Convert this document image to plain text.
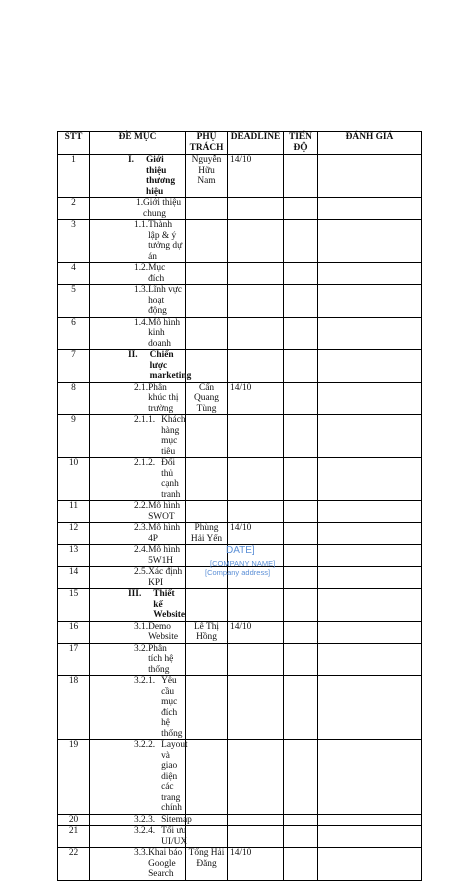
STT	ĐỀ MỤC	PHỤ TRÁCH	DEADLINE	TIẾN ĐỘ	ĐÁNH GIÁ
1	I. Giới thiệu thương hiệu	Nguyễn Hữu Nam	14/10		
2	1. Giới thiệu chung				

3	1.1. Thành lập & ý tưởng dự án				

4	1.2. Mục đích				

5	1.3. Lĩnh vực hoạt động				

6	1.4. Mô hình kinh doanh				

7	II. Chiến lược marketing				

8	2.1. Phân khúc thị trường	Cấn Quang Tùng	14/10		
9	2.1.1. Khách hàng mục tiêu				

10	2.1.2. Đối thủ cạnh tranh				

11	2.2. Mô hình SWOT				

12	2.3. Mô hình 4P	Phùng Hải Yến	14/10		
13	2.4. Mô hình 5W1H				

14	2.5. Xác định KPI				

15	III. Thiết kế Website				

16	3.1. Demo Website	Lê Thị Hồng	14/10		
17	3.2. Phân tích hệ thống				

18	3.2.1. Yêu cầu mục đích hệ thống				

19	3.2.2. Layout và giao diện các trang chính				

20	3.2.3. Sitemap				

21	3.2.4. Tối ưu UI/UX				

22	3.3. Khai báo Google Search	Tống Hải Đăng	14/10		
DATE]
[COMPANY NAME]
[Company address]
